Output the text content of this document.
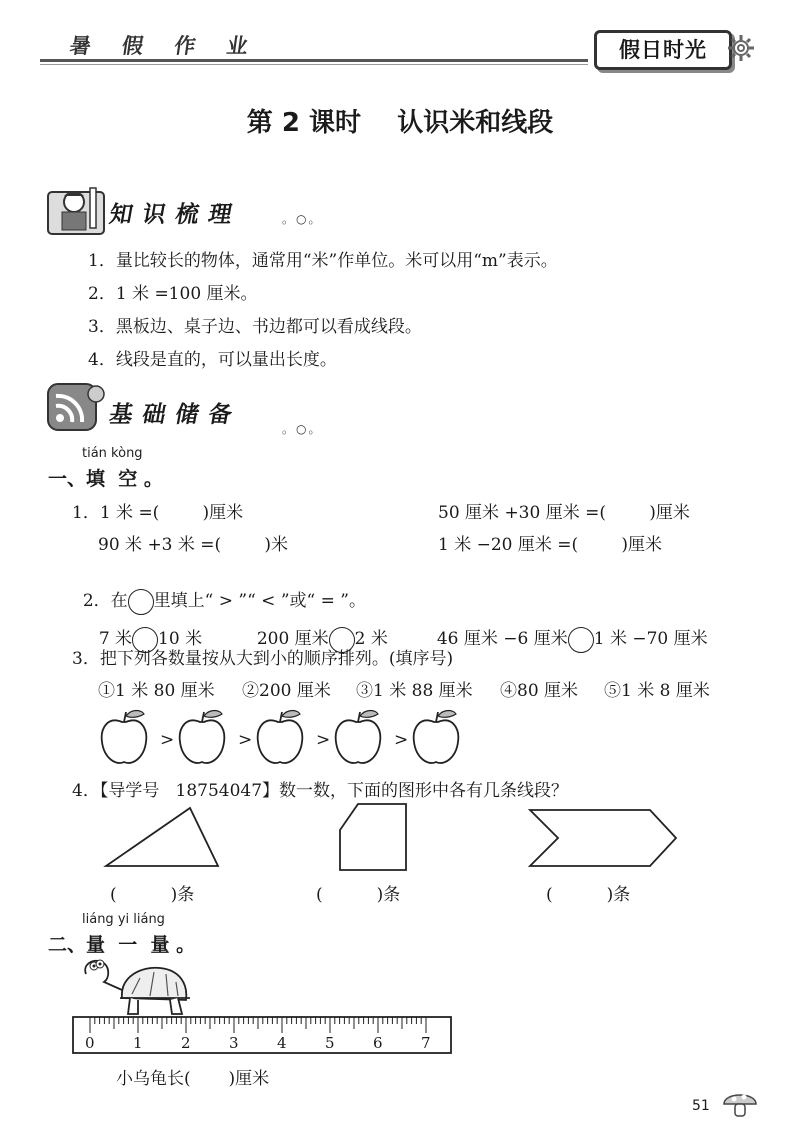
暑 假 作 业	假日时光
第 2 课时    认识米和线段
知识梳理	。○。
1．量比较长的物体，通常用“米”作单位。米可以用“m”表示。
2．1 米 =100 厘米。
3．黑板边、桌子边、书边都可以看成线段。
4．线段是直的，可以量出长度。
基础储备
。○。
tián kòng
一、填  空 。
1．1 米 =(        )厘米	50 厘米 +30 厘米 =(        )厘米
90 米 +3 米 =(        )米	1 米 −20 厘米 =(        )厘米

2．在 里填上“ > ”“ < ”或“ = ”。

7 米 10 米	200 厘米 2 米	46 厘米 −6 厘米 1 米 −70 厘米

3．把下列各数量按从大到小的顺序排列。(填序号)
①1 米 80 厘米 ②200 厘米 ③1 米 88 厘米 ④80 厘米 ⑤1 米 8 厘米
>	>	>	>
4．【导学号   18754047】数一数，下面的图形中各有几条线段？
(          )条	(          )条	(          )条
liáng yi liáng
二、量  一  量 。
0	1	2	3	4	5	6	7
小乌龟长(       )厘米
51
